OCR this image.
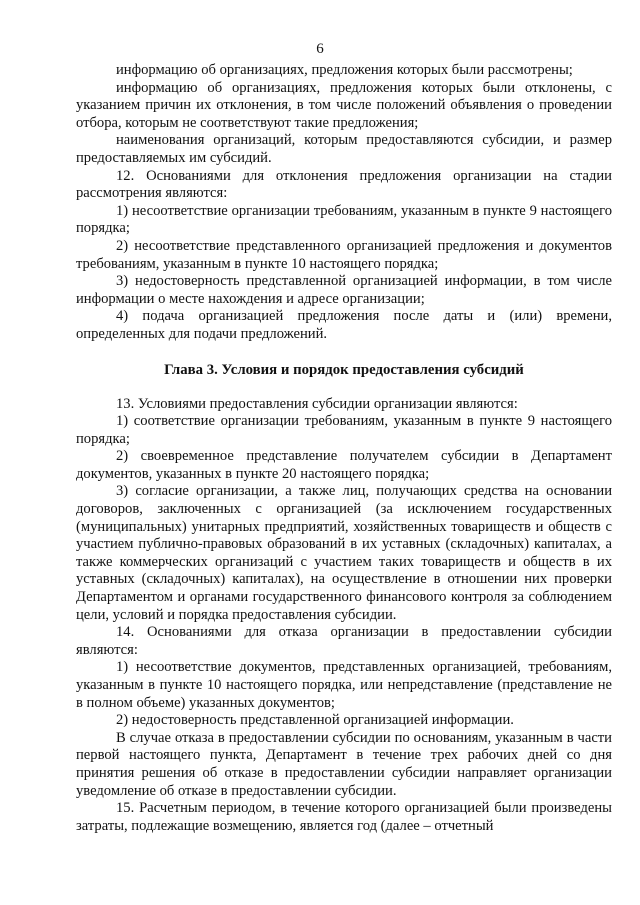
6

информацию об организациях, предложения которых были рассмотрены;

информацию об организациях, предложения которых были отклонены, с указанием причин их отклонения, в том числе положений объявления о проведении отбора, которым не соответствуют такие предложения;

наименования организаций, которым предоставляются субсидии, и размер предоставляемых им субсидий.

12. Основаниями для отклонения предложения организации на стадии рассмотрения являются:

1) несоответствие организации требованиям, указанным в пункте 9 настоящего порядка;

2) несоответствие представленного организацией предложения и документов требованиям, указанным в пункте 10 настоящего порядка;

3) недостоверность представленной организацией информации, в том числе информации о месте нахождения и адресе организации;

4) подача организацией предложения после даты и (или) времени, определенных для подачи предложений.

Глава 3. Условия и порядок предоставления субсидий

13. Условиями предоставления субсидии организации являются:

1) соответствие организации требованиям, указанным в пункте 9 настоящего порядка;

2) своевременное представление получателем субсидии в Департамент документов, указанных в пункте 20 настоящего порядка;

3) согласие организации, а также лиц, получающих средства на основании договоров, заключенных с организацией (за исключением государственных (муниципальных) унитарных предприятий, хозяйственных товариществ и обществ с участием публично-правовых образований в их уставных (складочных) капиталах, а также коммерческих организаций с участием таких товариществ и обществ в их уставных (складочных) капиталах), на осуществление в отношении них проверки Департаментом и органами государственного финансового контроля за соблюдением цели, условий и порядка предоставления субсидии.

14. Основаниями для отказа организации в предоставлении субсидии являются:

1) несоответствие документов, представленных организацией, требованиям, указанным в пункте 10 настоящего порядка, или непредставление (представление не в полном объеме) указанных документов;

2) недостоверность представленной организацией информации.

В случае отказа в предоставлении субсидии по основаниям, указанным в части первой настоящего пункта, Департамент в течение трех рабочих дней со дня принятия решения об отказе в предоставлении субсидии направляет организации уведомление об отказе в предоставлении субсидии.

15. Расчетным периодом, в течение которого организацией были произведены затраты, подлежащие возмещению, является год (далее – отчетный
